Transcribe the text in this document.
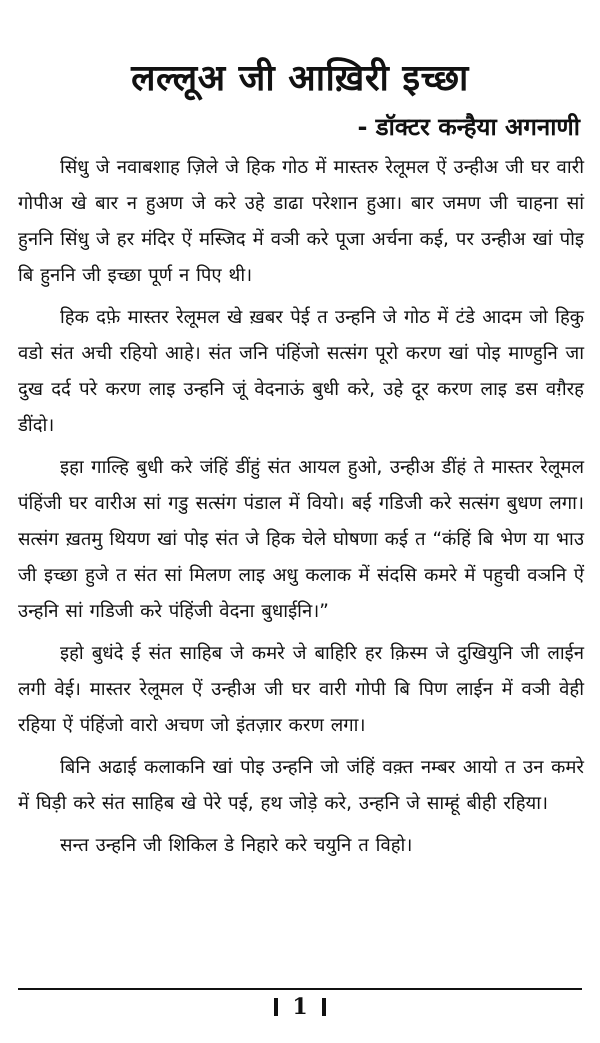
लल्लूअ जी आख़िरी इच्छा
- डॉक्टर कन्हैया अगनाणी

सिंधु जे नवाबशाह ज़िले जे हिक गोठ में मास्तरु रेलूमल ऐं उन्हीअ जी घर वारी गोपीअ खे बार न हुअण जे करे उहे डाढा परेशान हुआ। बार जमण जी चाहना सां हुननि सिंधु जे हर मंदिर ऐं मस्जिद में वञी करे पूजा अर्चना कई, पर उन्हीअ खां पोइ बि हुननि जी इच्छा पूर्ण न पिए थी।

हिक दफ़े मास्तर रेलूमल खे ख़बर पेई त उन्हनि जे गोठ में टंडे आदम जो हिकु वडो संत अची रहियो आहे। संत जनि पंहिंजो सत्संग पूरो करण खां पोइ माण्हुनि जा दुख दर्द परे करण लाइ उन्हनि जूं वेदनाऊं बुधी करे, उहे दूर करण लाइ डस वग़ैरह डींदो।

इहा गाल्हि बुधी करे जंहिं डींहुं संत आयल हुओ, उन्हीअ डींहं ते मास्तर रेलूमल पंहिंजी घर वारीअ सां गडु सत्संग पंडाल में वियो। बई गडिजी करे सत्संग बुधण लगा। सत्संग ख़तमु थियण खां पोइ संत जे हिक चेले घोषणा कई त “कंहिं बि भेण या भाउ जी इच्छा हुजे त संत सां मिलण लाइ अधु कलाक में संदसि कमरे में पहुची वञनि ऐं उन्हनि सां गडिजी करे पंहिंजी वेदना बुधाईनि।”

इहो बुधंदे ई संत साहिब जे कमरे जे बाहिरि हर क़िस्म जे दुखियुनि जी लाईन लगी वेई। मास्तर रेलूमल ऐं उन्हीअ जी घर वारी गोपी बि पिण लाईन में वञी वेही रहिया ऐं पंहिंजो वारो अचण जो इंतज़ार करण लगा।

बिनि अढाई कलाकनि खां पोइ उन्हनि जो जंहिं वक़्त नम्बर आयो त उन कमरे में घिड़ी करे संत साहिब खे पेरे पई, हथ जोड़े करे, उन्हनि जे साम्हूं बीही रहिया।

सन्त उन्हनि जी शिकिल डे निहारे करे चयुनि त विहो।

1
